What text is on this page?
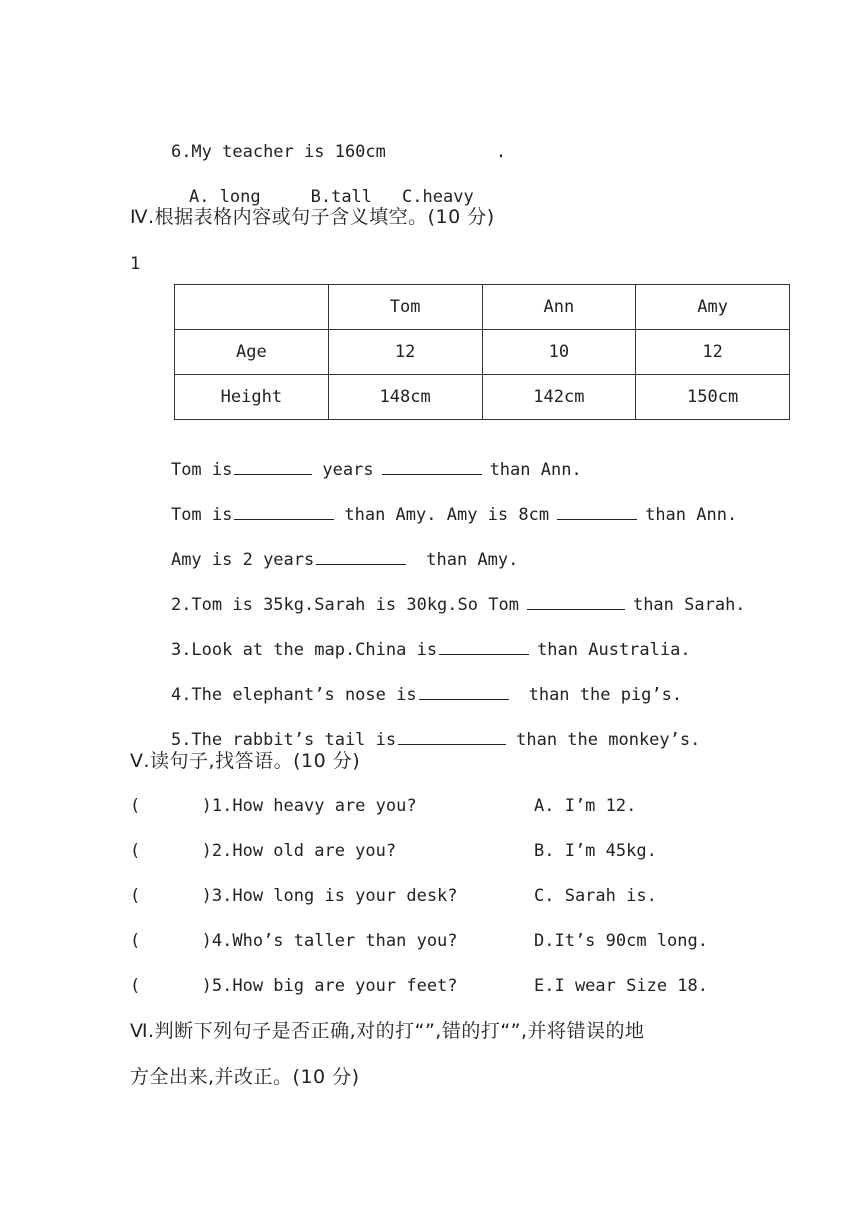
6.My teacher is 160cm	.

A. long	B.tall C.heavy

Ⅳ.根据表格内容或句子含义填空。(10 分)
1
	Tom	Ann	Amy
Age	12	10	12
Height	148cm	142cm	150cm

Tom is	years	than Ann.

Tom is	than Amy. Amy is 8cm	than Ann.

Amy is 2 years	than Amy.

2.Tom is 35kg.Sarah is 30kg.So Tom	than Sarah.

3.Look at the map.China is	than Australia.

4.The elephant’s nose is	than the pig’s.

5.The rabbit’s tail is	than the monkey’s.

Ⅴ.读句子,找答语。(10 分)
(      )1.How heavy are you?	A. I’m 12.
(      )2.How old are you?	B. I’m 45kg.
(      )3.How long is your desk?	C. Sarah is.
(      )4.Who’s taller than you?	D.It’s 90cm long.
(      )5.How big are your feet?	E.I wear Size 18.
Ⅵ.判断下列句子是否正确,对的打“”,错的打“”,并将错误的地
方全出来,并改正。(10 分)
